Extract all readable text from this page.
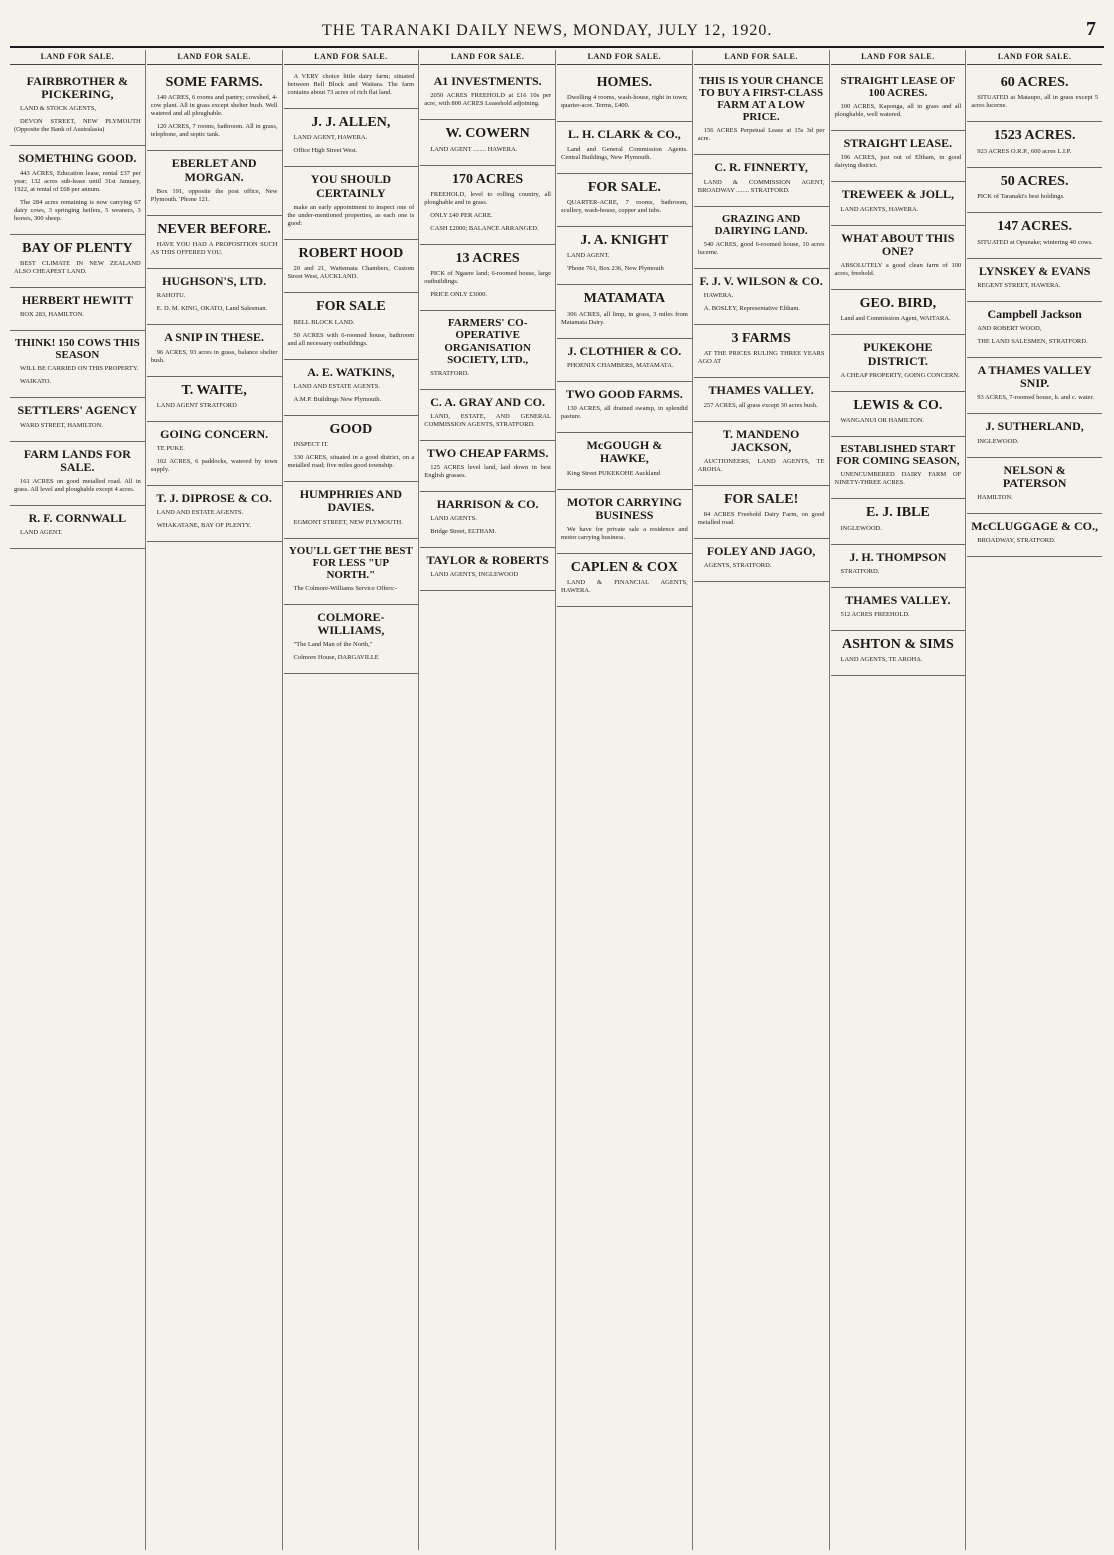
THE TARANAKI DAILY NEWS, MONDAY, JULY 12, 1920.	7
LAND FOR SALE.
FAIRBROTHER & PICKERING,

LAND & STOCK AGENTS,

DEVON STREET, NEW PLYMOUTH (Opposite the Bank of Australasia)

SOMETHING GOOD.

443 ACRES, Education lease, rental £37 per year; 132 acres sub-lease until 31st January, 1922, at rental of £68 per annum.

The 284 acres remaining is now carrying 67 dairy cows, 3 springing heifers, 5 weaners, 3 horses, 300 sheep.

BAY OF PLENTY

BEST CLIMATE IN NEW ZEALAND ALSO CHEAPEST LAND.

HERBERT HEWITT

BOX 283, HAMILTON.

THINK! 150 COWS THIS SEASON

WILL BE CARRIED ON THIS PROPERTY.

WAIKATO.

SETTLERS' AGENCY

WARD STREET, HAMILTON.

FARM LANDS FOR SALE.

161 ACRES on good metalled road. All in grass. All level and ploughable except 4 acres.

R. F. CORNWALL

LAND AGENT.

LAND FOR SALE.
SOME FARMS.

140 ACRES, 6 rooms and pantry; cowshed, 4-cow plant. All in grass except shelter bush. Well watered and all ploughable.

120 ACRES, 7 rooms, bathroom. All in grass, telephone, and septic tank.

EBERLET AND MORGAN.

Box 191, opposite the post office, New Plymouth. 'Phone 121.

NEVER BEFORE.

HAVE YOU HAD A PROPOSITION SUCH AS THIS OFFERED YOU.

HUGHSON'S, LTD.

RAHOTU.

E. D. M. KING, OKATO, Land Salesman.

A SNIP IN THESE.

96 ACRES, 93 acres in grass, balance shelter bush.

T. WAITE,

LAND AGENT STRATFORD

GOING CONCERN.

TE PUKE.

102 ACRES, 6 paddocks, watered by town supply.

T. J. DIPROSE & CO.

LAND AND ESTATE AGENTS.

WHAKATANE, BAY OF PLENTY.

LAND FOR SALE.

A VERY choice little dairy farm; situated between Bell Block and Waitara. The farm contains about 73 acres of rich flat land.

J. J. ALLEN,

LAND AGENT, HAWERA.

Office High Street West.

YOU SHOULD CERTAINLY

make an early appointment to inspect one of the under-mentioned properties, as each one is good:

ROBERT HOOD

20 and 21, Waitemata Chambers, Custom Street West, AUCKLAND.

FOR SALE

BELL BLOCK LAND.

50 ACRES with 6-roomed house, bathroom and all necessary outbuildings.

A. E. WATKINS,

LAND AND ESTATE AGENTS.

A.M.P. Buildings New Plymouth.

GOOD

INSPECT IT.

330 ACRES, situated in a good district, on a metalled road; five miles good township.

HUMPHRIES AND DAVIES.

EGMONT STREET, NEW PLYMOUTH.

YOU'LL GET THE BEST FOR LESS "UP NORTH."

The Colmore-Williams Service Offers:-

COLMORE-WILLIAMS,

"The Land Man of the North,"

Colmore House, DARGAVILLE

LAND FOR SALE.
A1 INVESTMENTS.

2050 ACRES FREEHOLD at £16 10s per acre, with 800 ACRES Leasehold adjoining.

W. COWERN

LAND AGENT ........ HAWERA.

170 ACRES

FREEHOLD, level to rolling country, all ploughable and in grass.

ONLY £40 PER ACRE.

CASH £2000; BALANCE ARRANGED.

13 ACRES

PICK of Ngaere land; 6-roomed house, large outbuildings.

PRICE ONLY £3000.

FARMERS' CO-OPERATIVE ORGANISATION SOCIETY, LTD.,

STRATFORD.

C. A. GRAY AND CO.

LAND, ESTATE, AND GENERAL COMMISSION AGENTS, STRATFORD.

TWO CHEAP FARMS.

125 ACRES level land, laid down in best English grasses.

HARRISON & CO.

LAND AGENTS.

Bridge Street, ELTHAM.

TAYLOR & ROBERTS

LAND AGENTS, INGLEWOOD

LAND FOR SALE.
HOMES.

Dwelling 4 rooms, wash-house, right in town; quarter-acre. Terms, £400.

L. H. CLARK & CO.,

Land and General Commission Agents. Central Buildings, New Plymouth.

FOR SALE.

QUARTER-ACRE, 7 rooms, bathroom, scullery, wash-house, copper and tubs.

J. A. KNIGHT

LAND AGENT.

'Phone 761, Box 236, New Plymouth

MATAMATA

306 ACRES, all limp, in grass, 3 miles from Matamata Dairy.

J. CLOTHIER & CO.

PHOENIX CHAMBERS, MATAMATA.

TWO GOOD FARMS.

130 ACRES, all drained swamp, in splendid pasture.

McGOUGH & HAWKE,

King Street PUKEKOHE Auckland

MOTOR CARRYING BUSINESS

We have for private sale a residence and motor carrying business.

CAPLEN & COX

LAND & FINANCIAL AGENTS, HAWERA.

LAND FOR SALE.
THIS IS YOUR CHANCE TO BUY A FIRST-CLASS FARM AT A LOW PRICE.

156 ACRES Perpetual Lease at 15s 3d per acre.

C. R. FINNERTY,

LAND & COMMISSION AGENT, BROADWAY ........ STRATFORD.

GRAZING AND DAIRYING LAND.

540 ACRES, good 6-roomed house, 10 acres lucerne.

F. J. V. WILSON & CO.

HAWERA.

A. BOSLEY, Representative Eltham.

3 FARMS

AT THE PRICES RULING THREE YEARS AGO AT

THAMES VALLEY.

257 ACRES, all grass except 30 acres bush.

T. MANDENO JACKSON,

AUCTIONEERS, LAND AGENTS, TE AROHA.

FOR SALE!

84 ACRES Freehold Dairy Farm, on good metalled road.

FOLEY AND JAGO,

AGENTS, STRATFORD.

LAND FOR SALE.
STRAIGHT LEASE OF 100 ACRES.

100 ACRES, Kaponga, all in grass and all ploughable, well watered.

STRAIGHT LEASE.

196 ACRES, just out of Eltham, in good dairying district.

TREWEEK & JOLL,

LAND AGENTS, HAWERA.

WHAT ABOUT THIS ONE?

ABSOLUTELY a good clean farm of 100 acres, freehold.

GEO. BIRD,

Land and Commission Agent, WAITARA.

PUKEKOHE DISTRICT.

A CHEAP PROPERTY, GOING CONCERN.

LEWIS & CO.

WANGANUI OR HAMILTON.

ESTABLISHED START FOR COMING SEASON,

UNENCUMBERED DAIRY FARM OF NINETY-THREE ACRES.

E. J. IBLE

INGLEWOOD.

J. H. THOMPSON

STRATFORD.

THAMES VALLEY.

512 ACRES FREEHOLD.

ASHTON & SIMS

LAND AGENTS, TE AROHA.

LAND FOR SALE.
60 ACRES.

SITUATED at Mataupo, all in grass except 5 acres lucerne.

1523 ACRES.

923 ACRES O.R.P., 600 acres L.I.P.

50 ACRES.

PICK of Taranaki's best holdings.

147 ACRES.

SITUATED at Opunake; wintering 40 cows.

LYNSKEY & EVANS

REGENT STREET, HAWERA.

Campbell Jackson

AND ROBERT WOOD,

THE LAND SALESMEN, STRATFORD.

A THAMES VALLEY SNIP.

93 ACRES, 7-roomed house, h. and c. water.

J. SUTHERLAND,

INGLEWOOD.

NELSON & PATERSON

HAMILTON.

McCLUGGAGE & CO.,

BROADWAY, STRATFORD.
